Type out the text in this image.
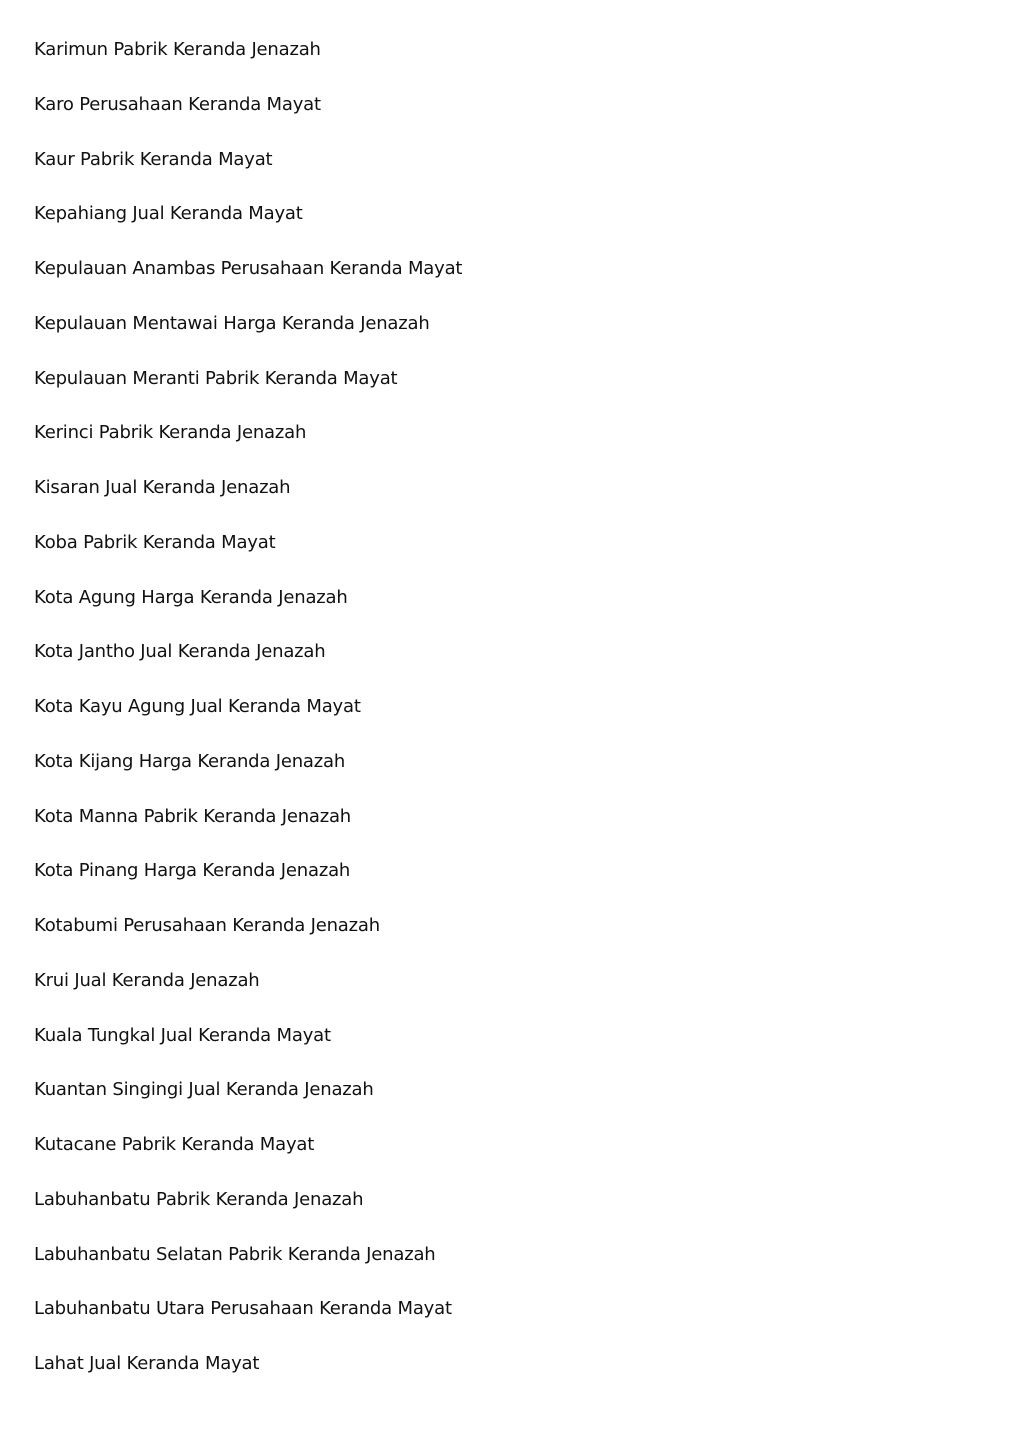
Karimun Pabrik Keranda Jenazah
Karo Perusahaan Keranda Mayat
Kaur Pabrik Keranda Mayat
Kepahiang Jual Keranda Mayat
Kepulauan Anambas Perusahaan Keranda Mayat
Kepulauan Mentawai Harga Keranda Jenazah
Kepulauan Meranti Pabrik Keranda Mayat
Kerinci Pabrik Keranda Jenazah
Kisaran Jual Keranda Jenazah
Koba Pabrik Keranda Mayat
Kota Agung Harga Keranda Jenazah
Kota Jantho Jual Keranda Jenazah
Kota Kayu Agung Jual Keranda Mayat
Kota Kijang Harga Keranda Jenazah
Kota Manna Pabrik Keranda Jenazah
Kota Pinang Harga Keranda Jenazah
Kotabumi Perusahaan Keranda Jenazah
Krui Jual Keranda Jenazah
Kuala Tungkal Jual Keranda Mayat
Kuantan Singingi Jual Keranda Jenazah
Kutacane Pabrik Keranda Mayat
Labuhanbatu Pabrik Keranda Jenazah
Labuhanbatu Selatan Pabrik Keranda Jenazah
Labuhanbatu Utara Perusahaan Keranda Mayat
Lahat Jual Keranda Mayat
